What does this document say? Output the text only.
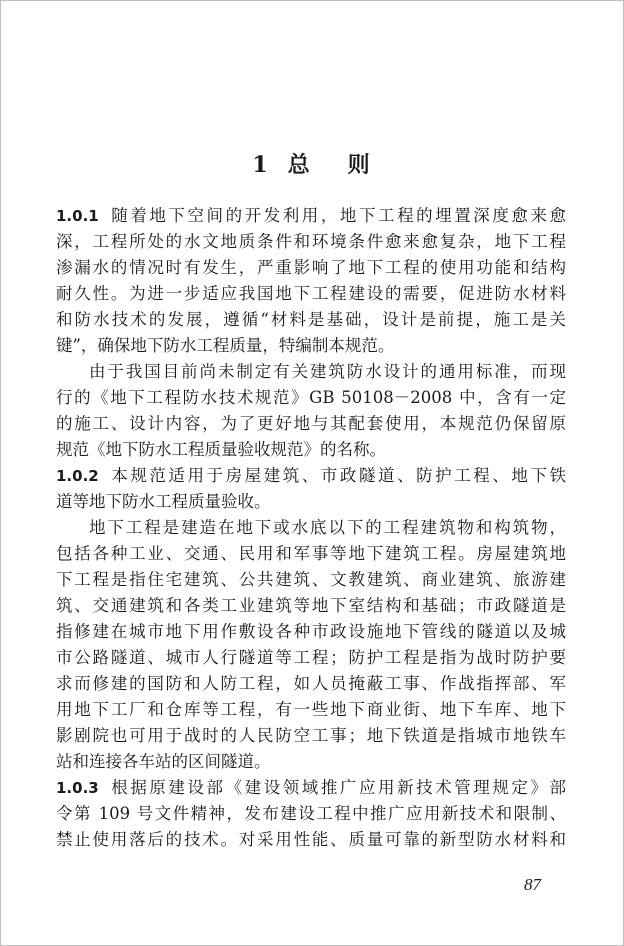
1 总 则
1.0.1 随着地下空间的开发利用，地下工程的埋置深度愈来愈
深，工程所处的水文地质条件和环境条件愈来愈复杂，地下工程
渗漏水的情况时有发生，严重影响了地下工程的使用功能和结构
耐久性。为进一步适应我国地下工程建设的需要，促进防水材料
和防水技术的发展，遵循“材料是基础，设计是前提，施工是关
键”，确保地下防水工程质量，特编制本规范。
由于我国目前尚未制定有关建筑防水设计的通用标准，而现
行的《地下工程防水技术规范》GB 50108－2008 中，含有一定
的施工、设计内容，为了更好地与其配套使用，本规范仍保留原
规范《地下防水工程质量验收规范》的名称。
1.0.2 本规范适用于房屋建筑、市政隧道、防护工程、地下铁
道等地下防水工程质量验收。
地下工程是建造在地下或水底以下的工程建筑物和构筑物，
包括各种工业、交通、民用和军事等地下建筑工程。房屋建筑地
下工程是指住宅建筑、公共建筑、文教建筑、商业建筑、旅游建
筑、交通建筑和各类工业建筑等地下室结构和基础；市政隧道是
指修建在城市地下用作敷设各种市政设施地下管线的隧道以及城
市公路隧道、城市人行隧道等工程；防护工程是指为战时防护要
求而修建的国防和人防工程，如人员掩蔽工事、作战指挥部、军
用地下工厂和仓库等工程，有一些地下商业街、地下车库、地下
影剧院也可用于战时的人民防空工事；地下铁道是指城市地铁车
站和连接各车站的区间隧道。
1.0.3 根据原建设部《建设领域推广应用新技术管理规定》部
令第 109 号文件精神，发布建设工程中推广应用新技术和限制、
禁止使用落后的技术。对采用性能、质量可靠的新型防水材料和
87
